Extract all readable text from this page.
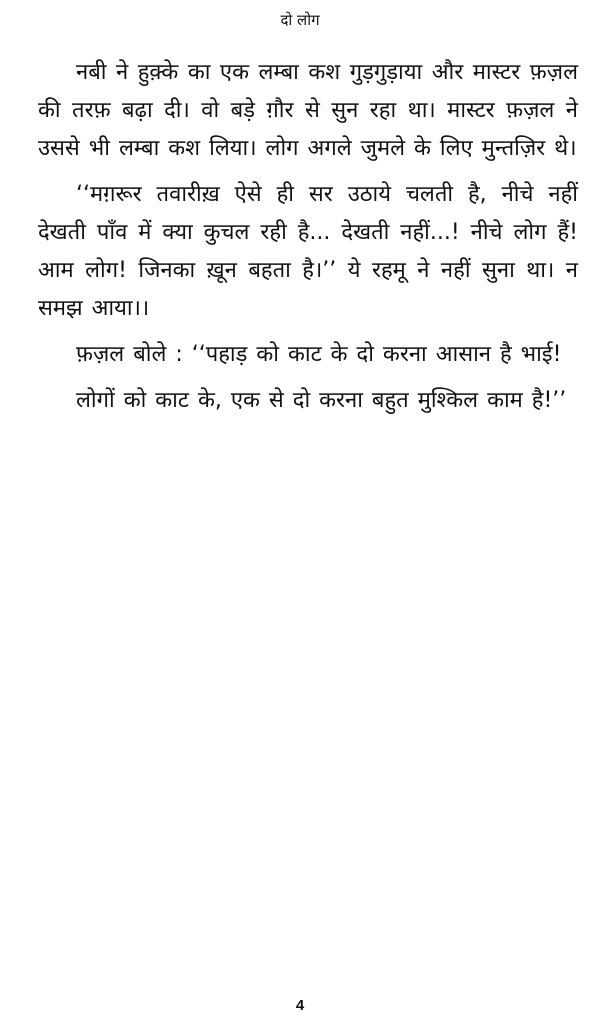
दो लोग

नबी ने हुक़्के का एक लम्बा कश गुड़गुड़ाया और मास्टर फ़ज़ल की तरफ़ बढ़ा दी। वो बड़े ग़ौर से सुन रहा था। मास्टर फ़ज़ल ने उससे भी लम्बा कश लिया। लोग अगले जुमले के लिए मुन्तज़िर थे।

‘‘मग़रूर तवारीख़ ऐसे ही सर उठाये चलती है, नीचे नहीं देखती पाँव में क्या कुचल रही है... देखती नहीं...! नीचे लोग हैं! आम लोग! जिनका ख़ून बहता है।’’ ये रहमू ने नहीं सुना था। न समझ आया।।

फ़ज़ल बोले : ‘‘पहाड़ को काट के दो करना आसान है भाई!

लोगों को काट के, एक से दो करना बहुत मुश्किल काम है!’’

4
